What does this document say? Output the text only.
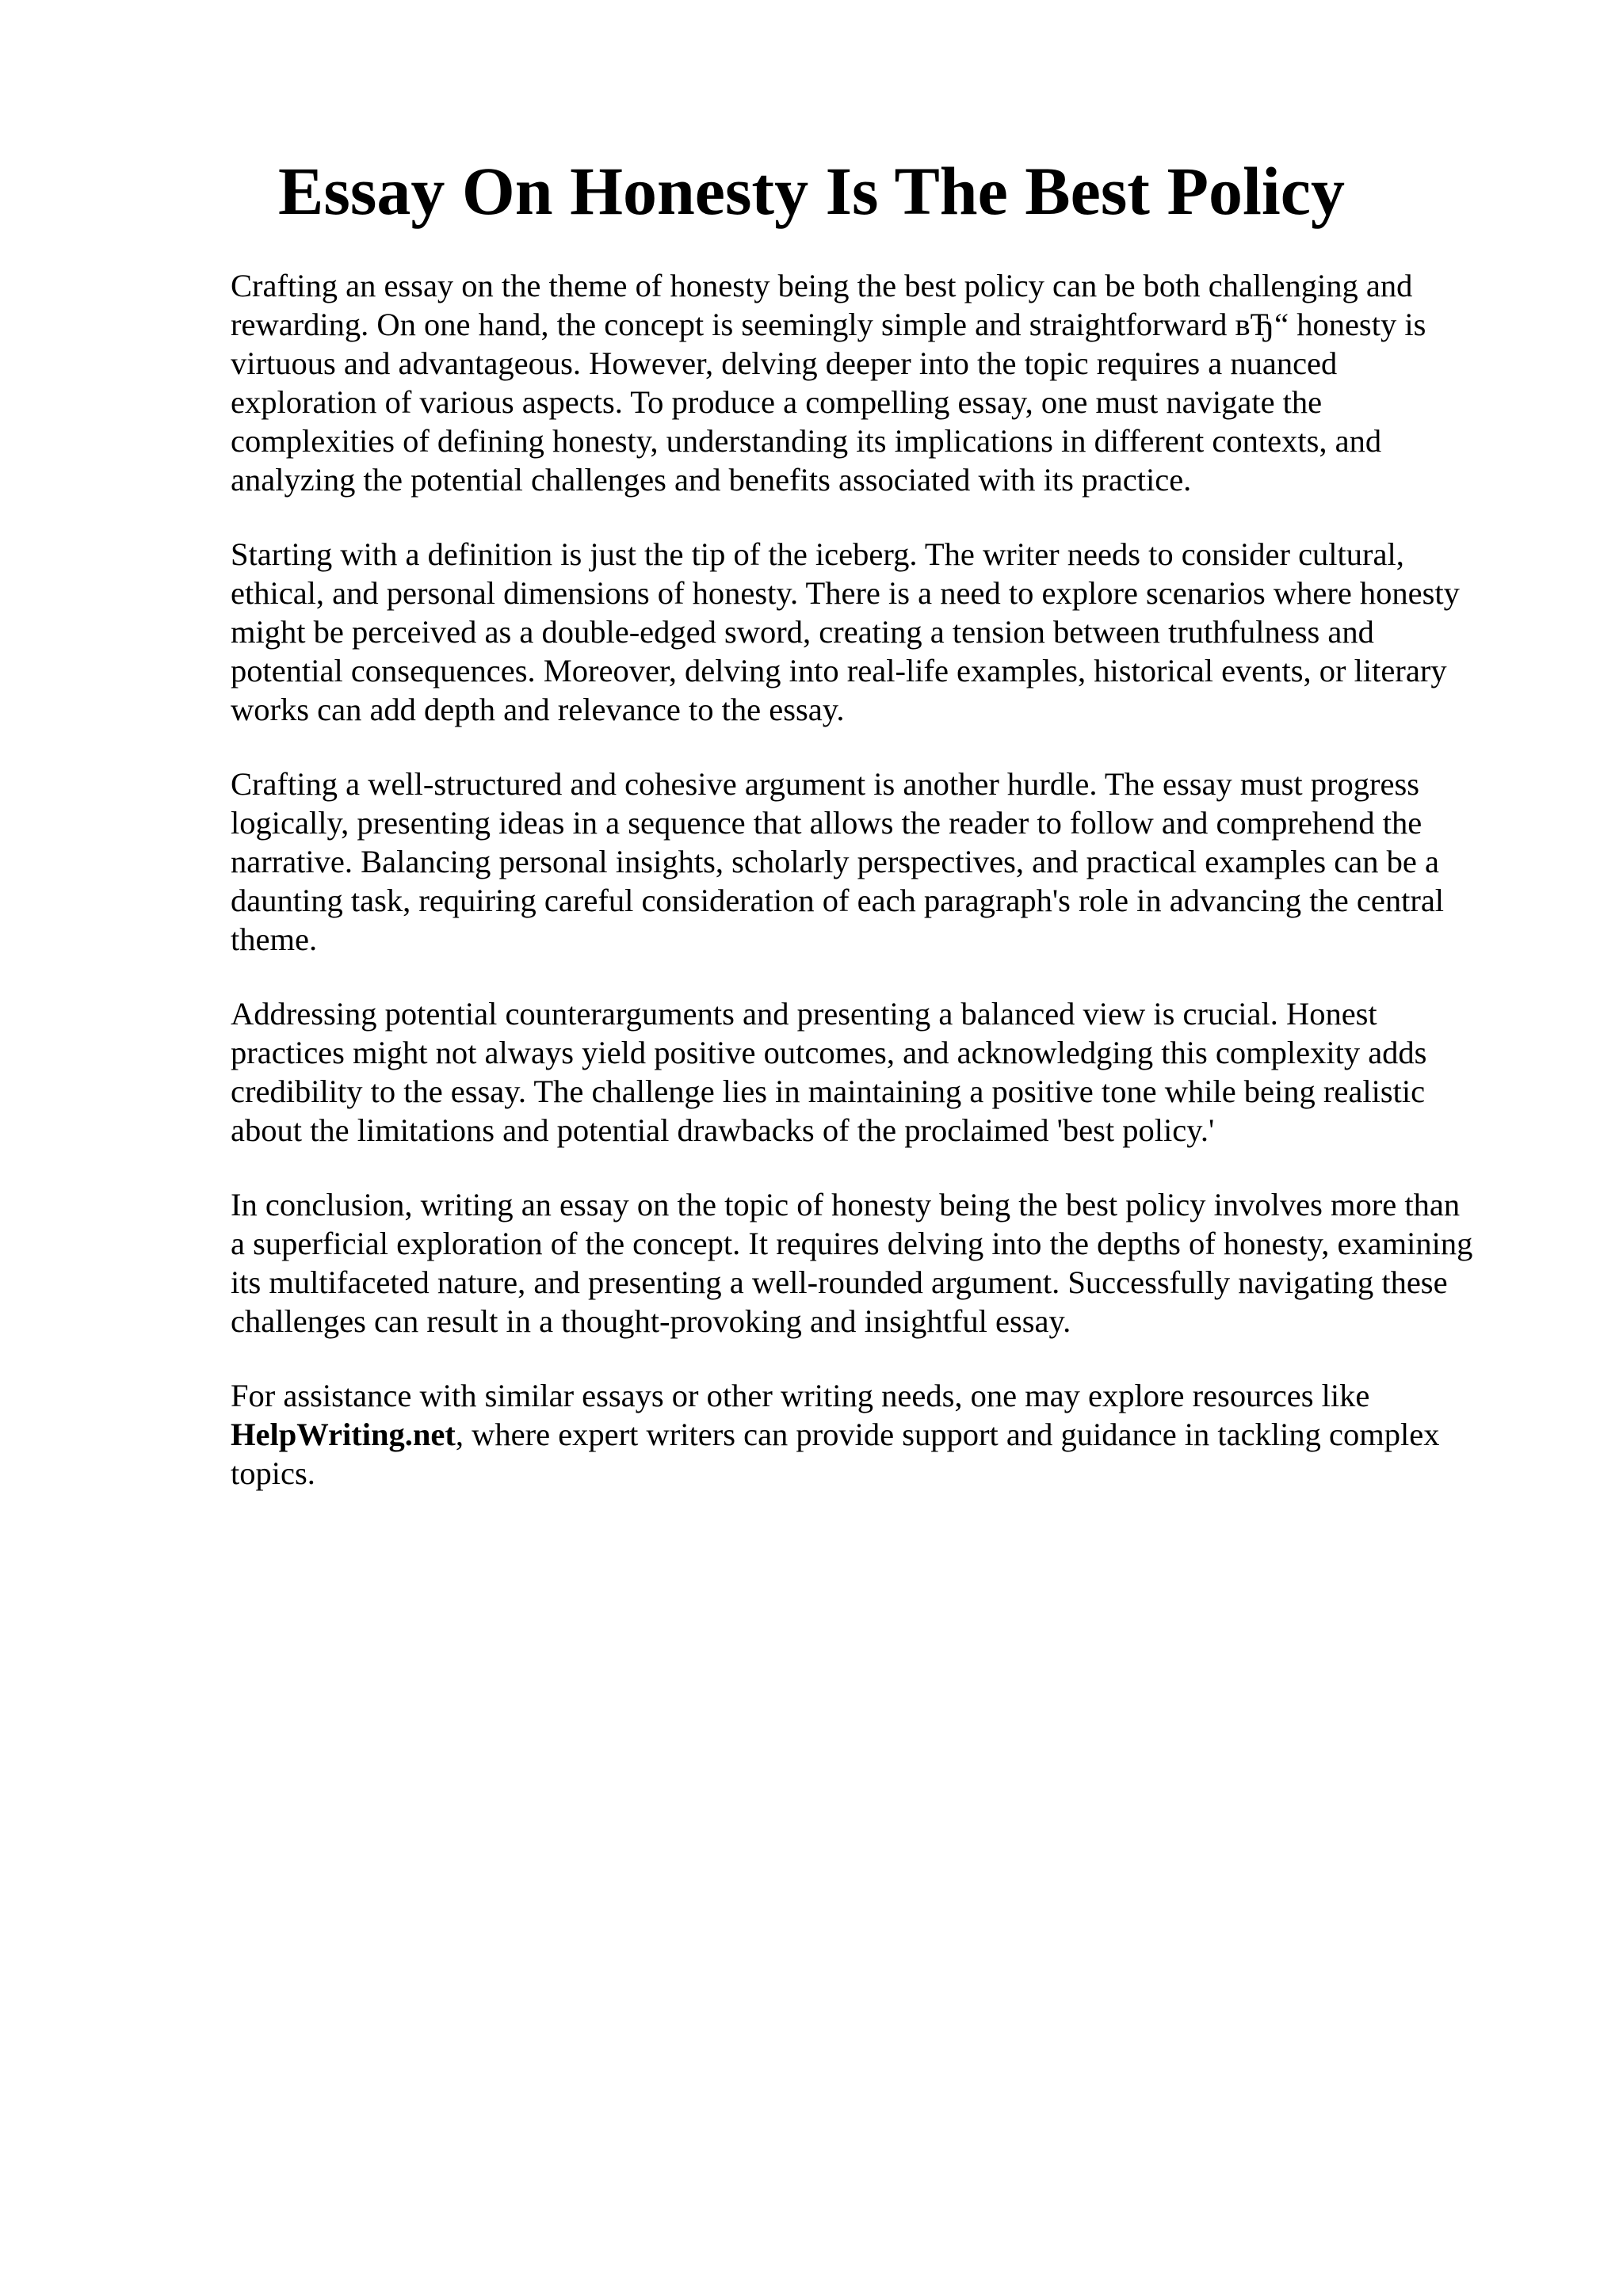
Essay On Honesty Is The Best Policy

Crafting an essay on the theme of honesty being the best policy can be both challenging and
rewarding. On one hand, the concept is seemingly simple and straightforward вЂ“ honesty is
virtuous and advantageous. However, delving deeper into the topic requires a nuanced
exploration of various aspects. To produce a compelling essay, one must navigate the
complexities of defining honesty, understanding its implications in different contexts, and
analyzing the potential challenges and benefits associated with its practice.

Starting with a definition is just the tip of the iceberg. The writer needs to consider cultural,
ethical, and personal dimensions of honesty. There is a need to explore scenarios where honesty
might be perceived as a double-edged sword, creating a tension between truthfulness and
potential consequences. Moreover, delving into real-life examples, historical events, or literary
works can add depth and relevance to the essay.

Crafting a well-structured and cohesive argument is another hurdle. The essay must progress
logically, presenting ideas in a sequence that allows the reader to follow and comprehend the
narrative. Balancing personal insights, scholarly perspectives, and practical examples can be a
daunting task, requiring careful consideration of each paragraph's role in advancing the central
theme.

Addressing potential counterarguments and presenting a balanced view is crucial. Honest
practices might not always yield positive outcomes, and acknowledging this complexity adds
credibility to the essay. The challenge lies in maintaining a positive tone while being realistic
about the limitations and potential drawbacks of the proclaimed 'best policy.'

In conclusion, writing an essay on the topic of honesty being the best policy involves more than
a superficial exploration of the concept. It requires delving into the depths of honesty, examining
its multifaceted nature, and presenting a well-rounded argument. Successfully navigating these
challenges can result in a thought-provoking and insightful essay.

For assistance with similar essays or other writing needs, one may explore resources like
HelpWriting.net, where expert writers can provide support and guidance in tackling complex
topics.
